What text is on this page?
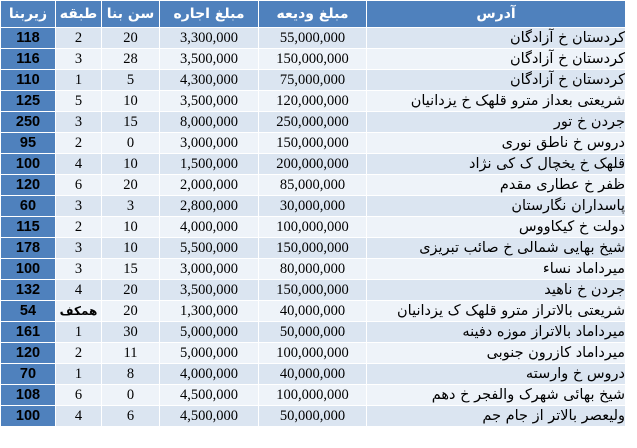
زیربنا	طبقه	سن بنا	مبلغ اجاره	مبلغ ودیعه	آدرس
118	2	20	3,300,000	55,000,000	کردستان خ آزادگان
116	3	28	3,500,000	150,000,000	کردستان خ آزادگان
110	1	5	4,300,000	75,000,000	کردستان خ آزادگان
125	5	10	3,500,000	120,000,000	شریعتی بعداز مترو قلهک خ یزدانیان
250	3	15	8,000,000	250,000,000	جردن خ تور
95	2	0	3,000,000	150,000,000	دروس خ ناطق نوری
100	4	10	1,500,000	200,000,000	قلهک خ یخچال ک کی نژاد
120	6	20	2,000,000	85,000,000	ظفر خ عطاری مقدم
60	3	3	2,800,000	30,000,000	پاسداران نگارستان
115	2	10	4,000,000	100,000,000	دولت خ کیکاووس
178	3	10	5,500,000	150,000,000	شیخ بهایی شمالی خ صائب تبریزی
100	3	15	3,000,000	80,000,000	میرداماد نساء
132	4	20	3,500,000	150,000,000	جردن خ ناهید
54	همکف	20	1,300,000	40,000,000	شریعتی بالاتراز مترو قلهک ک یزدانیان
161	1	30	5,000,000	50,000,000	میرداماد بالاتراز موزه دفینه
120	2	11	5,000,000	100,000,000	میرداماد کازرون جنوبی
70	1	8	4,000,000	40,000,000	دروس خ وارسته
108	6	0	4,500,000	100,000,000	شیخ بهائی شهرک والفجر خ دهم
100	4	6	4,500,000	50,000,000	ولیعصر بالاتر از جام جم
